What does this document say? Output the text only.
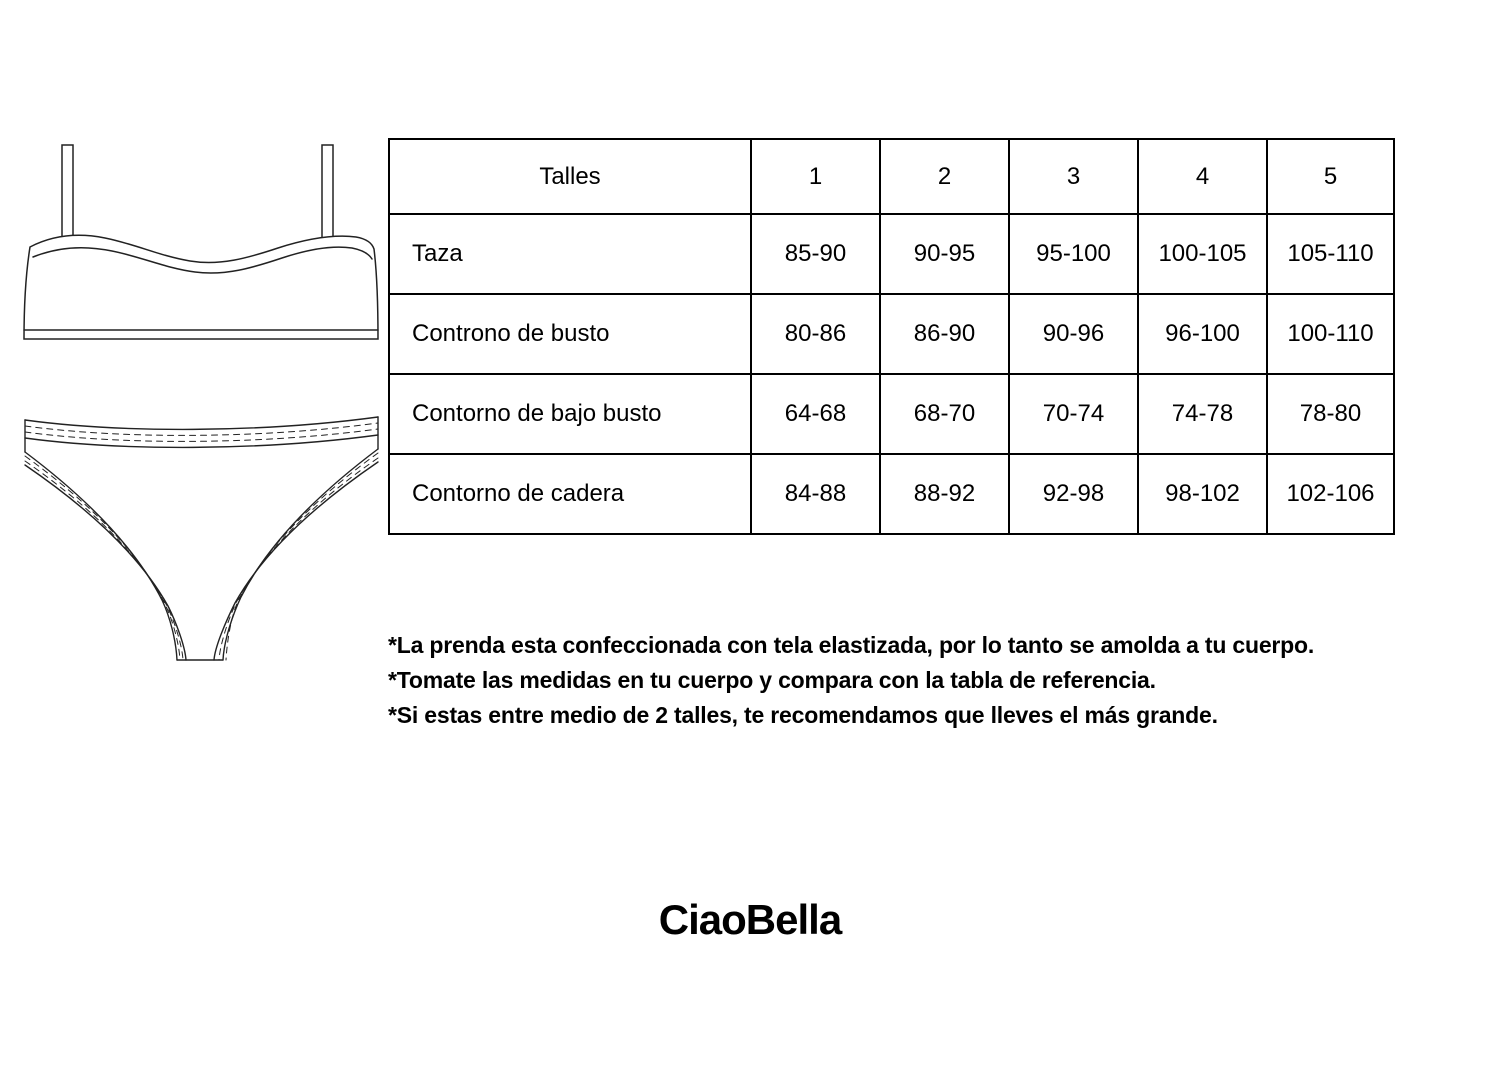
Talles	1	2	3	4	5
Taza	85-90	90-95	95-100	100-105	105-110
Controno de busto	80-86	86-90	90-96	96-100	100-110
Contorno de bajo busto	64-68	68-70	70-74	74-78	78-80
Contorno de cadera	84-88	88-92	92-98	98-102	102-106

*La prenda esta confeccionada con tela elastizada, por lo tanto se amolda a tu cuerpo.

*Tomate las medidas en tu cuerpo y compara con la tabla de referencia.

*Si estas entre medio de 2 talles, te recomendamos que lleves el más grande.

CiaoBella
